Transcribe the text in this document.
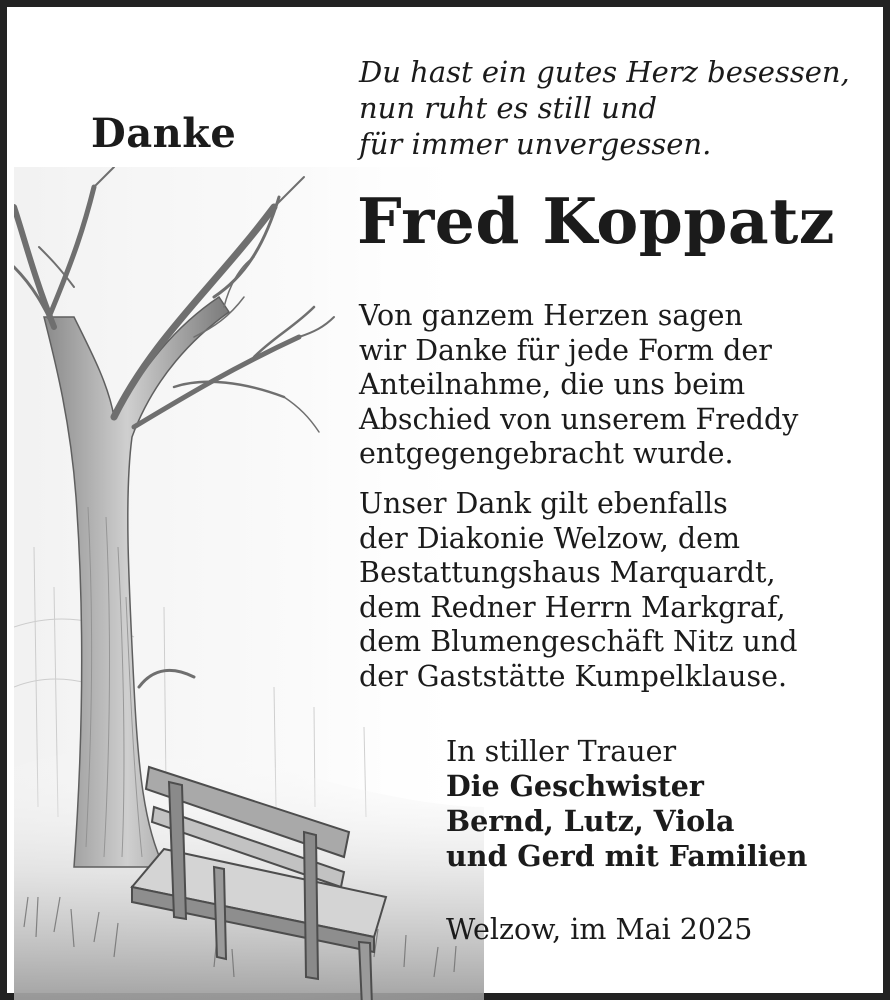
Danke
Du hast ein gutes Herz besessen,
nun ruht es still und
für immer unvergessen.
Fred Koppatz
Von ganzem Herzen sagen
wir Danke für jede Form der
Anteilnahme, die uns beim
Abschied von unserem Freddy
entgegengebracht wurde.
Unser Dank gilt ebenfalls
der Diakonie Welzow, dem
Bestattungshaus Marquardt,
dem Redner Herrn Markgraf,
dem Blumengeschäft Nitz und
der Gaststätte Kumpelklause.
In stiller Trauer
Die Geschwister
Bernd, Lutz, Viola
und Gerd mit Familien
Welzow, im Mai 2025
